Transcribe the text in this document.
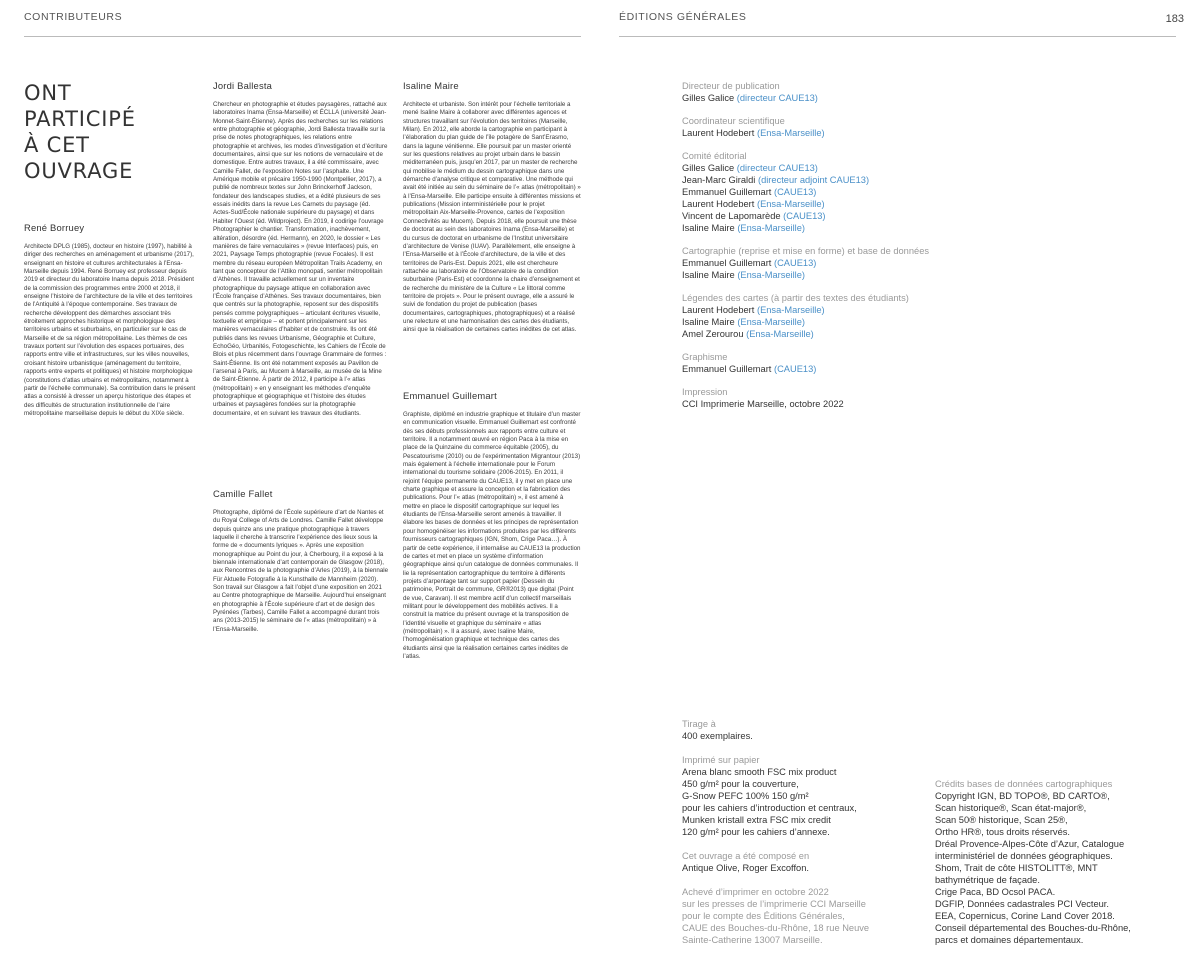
CONTRIBUTEURS	ÉDITIONS GÉNÉRALES	183
ONT
PARTICIPÉ
À CET
OUVRAGE
René Borruey

Architecte DPLG (1985), docteur en histoire (1997), habilité à diriger des recherches en aménagement et urbanisme (2017), enseignant en histoire et cultures architecturales à l’Ensa-Marseille depuis 1994. René Borruey est professeur depuis 2019 et directeur du laboratoire Inama depuis 2018. Président de la commission des programmes entre 2000 et 2018, il enseigne l’histoire de l’architecture de la ville et des territoires de l’Antiquité à l’époque contemporaine. Ses travaux de recherche développent des démarches associant très étroitement approches historique et morphologique des territoires urbains et suburbains, en particulier sur le cas de Marseille et de sa région métropolitaine. Les thèmes de ces travaux portent sur l’évolution des espaces portuaires, des rapports entre ville et infrastructures, sur les villes nouvelles, croisant histoire urbanistique (aménagement du territoire, rapports entre experts et politiques) et histoire morphologique (constitutions d’atlas urbains et métropolitains, notamment à partir de l’échelle communale). Sa contribution dans le présent atlas a consisté à dresser un aperçu historique des étapes et des difficultés de structuration institutionnelle de l’aire métropolitaine marseillaise depuis le début du XIXe siècle.

Jordi Ballesta

Chercheur en photographie et études paysagères, rattaché aux laboratoires Inama (Ensa-Marseille) et ÉCLLA (université Jean-Monnet-Saint-Étienne). Après des recherches sur les relations entre photographie et géographie, Jordi Ballesta travaille sur la prise de notes photographiques, les relations entre photographie et archives, les modes d’investigation et d’écriture documentaires, ainsi que sur les notions de vernaculaire et de domestique. Entre autres travaux, il a été commissaire, avec Camille Fallet, de l’exposition Notes sur l’asphalte. Une Amérique mobile et précaire 1950-1990 (Montpellier, 2017), a publié de nombreux textes sur John Brinckerhoff Jackson, fondateur des landscapes studies, et a édité plusieurs de ses essais inédits dans la revue Les Carnets du paysage (éd. Actes-Sud/École nationale supérieure du paysage) et dans Habiter l’Ouest (éd. Wildproject). En 2019, il codirige l’ouvrage Photographier le chantier. Transformation, inachèvement, altération, désordre (éd. Hermann), en 2020, le dossier « Les manières de faire vernaculaires » (revue Interfaces) puis, en 2021, Paysage Temps photographie (revue Focales). Il est membre du réseau européen Métropolitan Trails Academy, en tant que concepteur de l’Attiko monopati, sentier métropolitain d’Athènes. Il travaille actuellement sur un inventaire photographique du paysage attique en collaboration avec l’École française d’Athènes. Ses travaux documentaires, bien que centrés sur la photographie, reposent sur des dispositifs pensés comme polygraphiques – articulant écritures visuelle, textuelle et empirique – et portent principalement sur les manières vernaculaires d’habiter et de construire. Ils ont été publiés dans les revues Urbanisme, Géographie et Culture, EchoGéo, Urbanités, Fotogeschichte, les Cahiers de l’École de Blois et plus récemment dans l’ouvrage Grammaire de formes : Saint-Étienne. Ils ont été notamment exposés au Pavillon de l’arsenal à Paris, au Mucem à Marseille, au musée de la Mine de Saint-Étienne. À partir de 2012, il participe à l’« atlas (métropolitain) » en y enseignant les méthodes d’enquête photographique et géographique et l’histoire des études urbaines et paysagères fondées sur la photographie documentaire, et en suivant les travaux des étudiants.

Camille Fallet

Photographe, diplômé de l’École supérieure d’art de Nantes et du Royal College of Arts de Londres. Camille Fallet développe depuis quinze ans une pratique photographique à travers laquelle il cherche à transcrire l’expérience des lieux sous la forme de « documents lyriques ». Après une exposition monographique au Point du jour, à Cherbourg, il a exposé à la biennale internationale d’art contemporain de Glasgow (2018), aux Rencontres de la photographie d’Arles (2019), à la biennale Für Aktuelle Fotografie à la Kunsthalle de Mannheim (2020). Son travail sur Glasgow a fait l’objet d’une exposition en 2021 au Centre photographique de Marseille. Aujourd’hui enseignant en photographie à l’École supérieure d’art et de design des Pyrénées (Tarbes), Camille Fallet a accompagné durant trois ans (2013-2015) le séminaire de l’« atlas (métropolitain) » à l’Ensa-Marseille.

Isaline Maire

Architecte et urbaniste. Son intérêt pour l’échelle territoriale a mené Isaline Maire à collaborer avec différentes agences et structures travaillant sur l’évolution des territoires (Marseille, Milan). En 2012, elle aborde la cartographie en participant à l’élaboration du plan guide de l’île potagère de Sant’Erasmo, dans la lagune vénitienne. Elle poursuit par un master orienté sur les questions relatives au projet urbain dans le bassin méditerranéen puis, jusqu’en 2017, par un master de recherche qui mobilise le médium du dessin cartographique dans une démarche d’analyse critique et comparative. Une méthode qui avait été initiée au sein du séminaire de l’« atlas (métropolitain) » à l’Ensa-Marseille. Elle participe ensuite à différentes missions et publications (Mission interministérielle pour le projet métropolitain Aix-Marseille-Provence, cartes de l’exposition Connectivités au Mucem). Depuis 2018, elle poursuit une thèse de doctorat au sein des laboratoires Inama (Ensa-Marseille) et du cursus de doctorat en urbanisme de l’Institut universitaire d’architecture de Venise (IUAV). Parallèlement, elle enseigne à l’Ensa-Marseille et à l’École d’architecture, de la ville et des territoires de Paris-Est. Depuis 2021, elle est chercheure rattachée au laboratoire de l’Observatoire de la condition suburbaine (Paris-Est) et coordonne la chaire d’enseignement et de recherche du ministère de la Culture « Le littoral comme territoire de projets ». Pour le présent ouvrage, elle a assuré le suivi de fondation du projet de publication (bases documentaires, cartographiques, photographiques) et a réalisé une relecture et une harmonisation des cartes des étudiants, ainsi que la réalisation de certaines cartes inédites de cet atlas.

Emmanuel Guillemart

Graphiste, diplômé en industrie graphique et titulaire d’un master en communication visuelle. Emmanuel Guillemart est confronté dès ses débuts professionnels aux rapports entre culture et territoire. Il a notamment œuvré en région Paca à la mise en place de la Quinzaine du commerce équitable (2005), du Pescatourisme (2010) ou de l’expérimentation Migrantour (2013) mais également à l’échelle internationale pour le Forum international du tourisme solidaire (2006-2015). En 2011, il rejoint l’équipe permanente du CAUE13, il y met en place une charte graphique et assure la conception et la fabrication des publications. Pour l’« atlas (métropolitain) », il est amené à mettre en place le dispositif cartographique sur lequel les étudiants de l’Ensa-Marseille seront amenés à travailler. Il élabore les bases de données et les principes de représentation pour homogénéiser les informations produites par les différents fournisseurs cartographiques (IGN, Shom, Crige Paca…). À partir de cette expérience, il internalise au CAUE13 la production de cartes et met en place un système d’information géographique ainsi qu’un catalogue de données communales. Il lie la représentation cartographique du territoire à différents projets d’arpentage tant sur support papier (Dessein du patrimoine, Portrait de commune, GR®2013) que digital (Point de vue, Caravan). Il est membre actif d’un collectif marseillais militant pour le développement des mobilités actives. Il a construit la matrice du présent ouvrage et la transposition de l’identité visuelle et graphique du séminaire « atlas (métropolitain) ». Il a assuré, avec Isaline Maire, l’homogénéisation graphique et technique des cartes des étudiants ainsi que la réalisation certaines cartes inédites de l’atlas.

Directeur de publication
Gilles Galice (directeur CAUE13)
Coordinateur scientifique
Laurent Hodebert (Ensa-Marseille)
Comité éditorial
Gilles Galice (directeur CAUE13)
Jean-Marc Giraldi (directeur adjoint CAUE13)
Emmanuel Guillemart (CAUE13)
Laurent Hodebert (Ensa-Marseille)
Vincent de Lapomarède (CAUE13)
Isaline Maire (Ensa-Marseille)
Cartographie (reprise et mise en forme) et base de données
Emmanuel Guillemart (CAUE13)
Isaline Maire (Ensa-Marseille)
Légendes des cartes (à partir des textes des étudiants)
Laurent Hodebert (Ensa-Marseille)
Isaline Maire (Ensa-Marseille)
Amel Zerourou (Ensa-Marseille)
Graphisme
Emmanuel Guillemart (CAUE13)
Impression
CCI Imprimerie Marseille, octobre 2022
Tirage à
400 exemplaires.
Imprimé sur papier
Arena blanc smooth FSC mix product
450 g/m² pour la couverture,
G-Snow PEFC 100% 150 g/m²
pour les cahiers d’introduction et centraux,
Munken kristall extra FSC mix credit
120 g/m² pour les cahiers d’annexe.
Cet ouvrage a été composé en
Antique Olive, Roger Excoffon.
Achevé d’imprimer en octobre 2022
sur les presses de l’imprimerie CCI Marseille
pour le compte des Éditions Générales,
CAUE des Bouches-du-Rhône, 18 rue Neuve
Sainte-Catherine 13007 Marseille.
Crédits bases de données cartographiques
Copyright IGN, BD TOPO®, BD CARTO®,
Scan historique®, Scan état-major®,
Scan 50® historique, Scan 25®,
Ortho HR®, tous droits réservés.
Dréal Provence-Alpes-Côte d’Azur, Catalogue
interministériel de données géographiques.
Shom, Trait de côte HISTOLITT®, MNT
bathymétrique de façade.
Crige Paca, BD Ocsol PACA.
DGFIP, Données cadastrales PCI Vecteur.
EEA, Copernicus, Corine Land Cover 2018.
Conseil départemental des Bouches-du-Rhône,
parcs et domaines départementaux.
